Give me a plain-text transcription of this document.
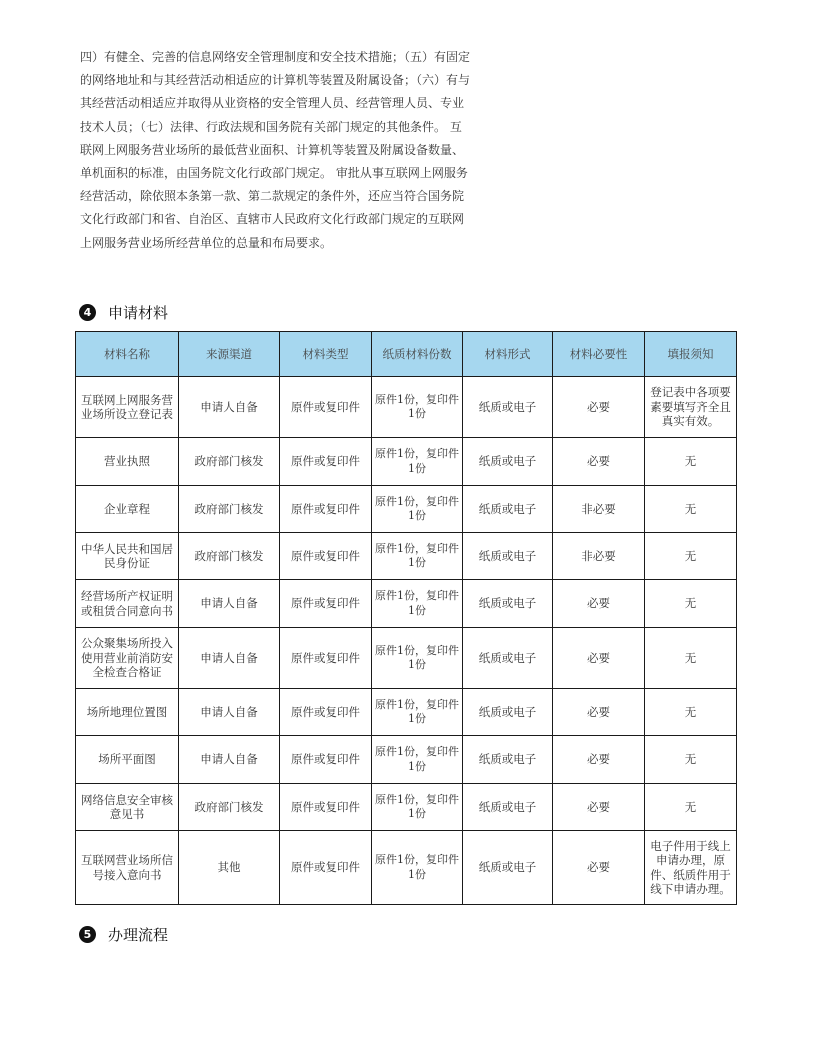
四）有健全、完善的信息网络安全管理制度和安全技术措施；（五）有固定

的网络地址和与其经营活动相适应的计算机等装置及附属设备；（六）有与

其经营活动相适应并取得从业资格的安全管理人员、经营管理人员、专业

技术人员；（七）法律、行政法规和国务院有关部门规定的其他条件。 互

联网上网服务营业场所的最低营业面积、计算机等装置及附属设备数量、

单机面积的标准，由国务院文化行政部门规定。 审批从事互联网上网服务

经营活动，除依照本条第一款、第二款规定的条件外，还应当符合国务院

文化行政部门和省、自治区、直辖市人民政府文化行政部门规定的互联网

上网服务营业场所经营单位的总量和布局要求。

4	申请材料
材料名称	来源渠道	材料类型	纸质材料份数	材料形式	材料必要性	填报须知
互联网上网服务营业场所设立登记表	申请人自备	原件或复印件	原件1份，复印件1份	纸质或电子	必要	登记表中各项要素要填写齐全且真实有效。
营业执照	政府部门核发	原件或复印件	原件1份，复印件1份	纸质或电子	必要	无
企业章程	政府部门核发	原件或复印件	原件1份，复印件1份	纸质或电子	非必要	无
中华人民共和国居民身份证	政府部门核发	原件或复印件	原件1份，复印件1份	纸质或电子	非必要	无
经营场所产权证明或租赁合同意向书	申请人自备	原件或复印件	原件1份，复印件1份	纸质或电子	必要	无
公众聚集场所投入使用营业前消防安全检查合格证	申请人自备	原件或复印件	原件1份，复印件1份	纸质或电子	必要	无
场所地理位置图	申请人自备	原件或复印件	原件1份，复印件1份	纸质或电子	必要	无
场所平面图	申请人自备	原件或复印件	原件1份，复印件1份	纸质或电子	必要	无
网络信息安全审核意见书	政府部门核发	原件或复印件	原件1份，复印件1份	纸质或电子	必要	无
互联网营业场所信号接入意向书	其他	原件或复印件	原件1份，复印件1份	纸质或电子	必要	电子件用于线上申请办理，原件、纸质件用于线下申请办理。
5	办理流程
